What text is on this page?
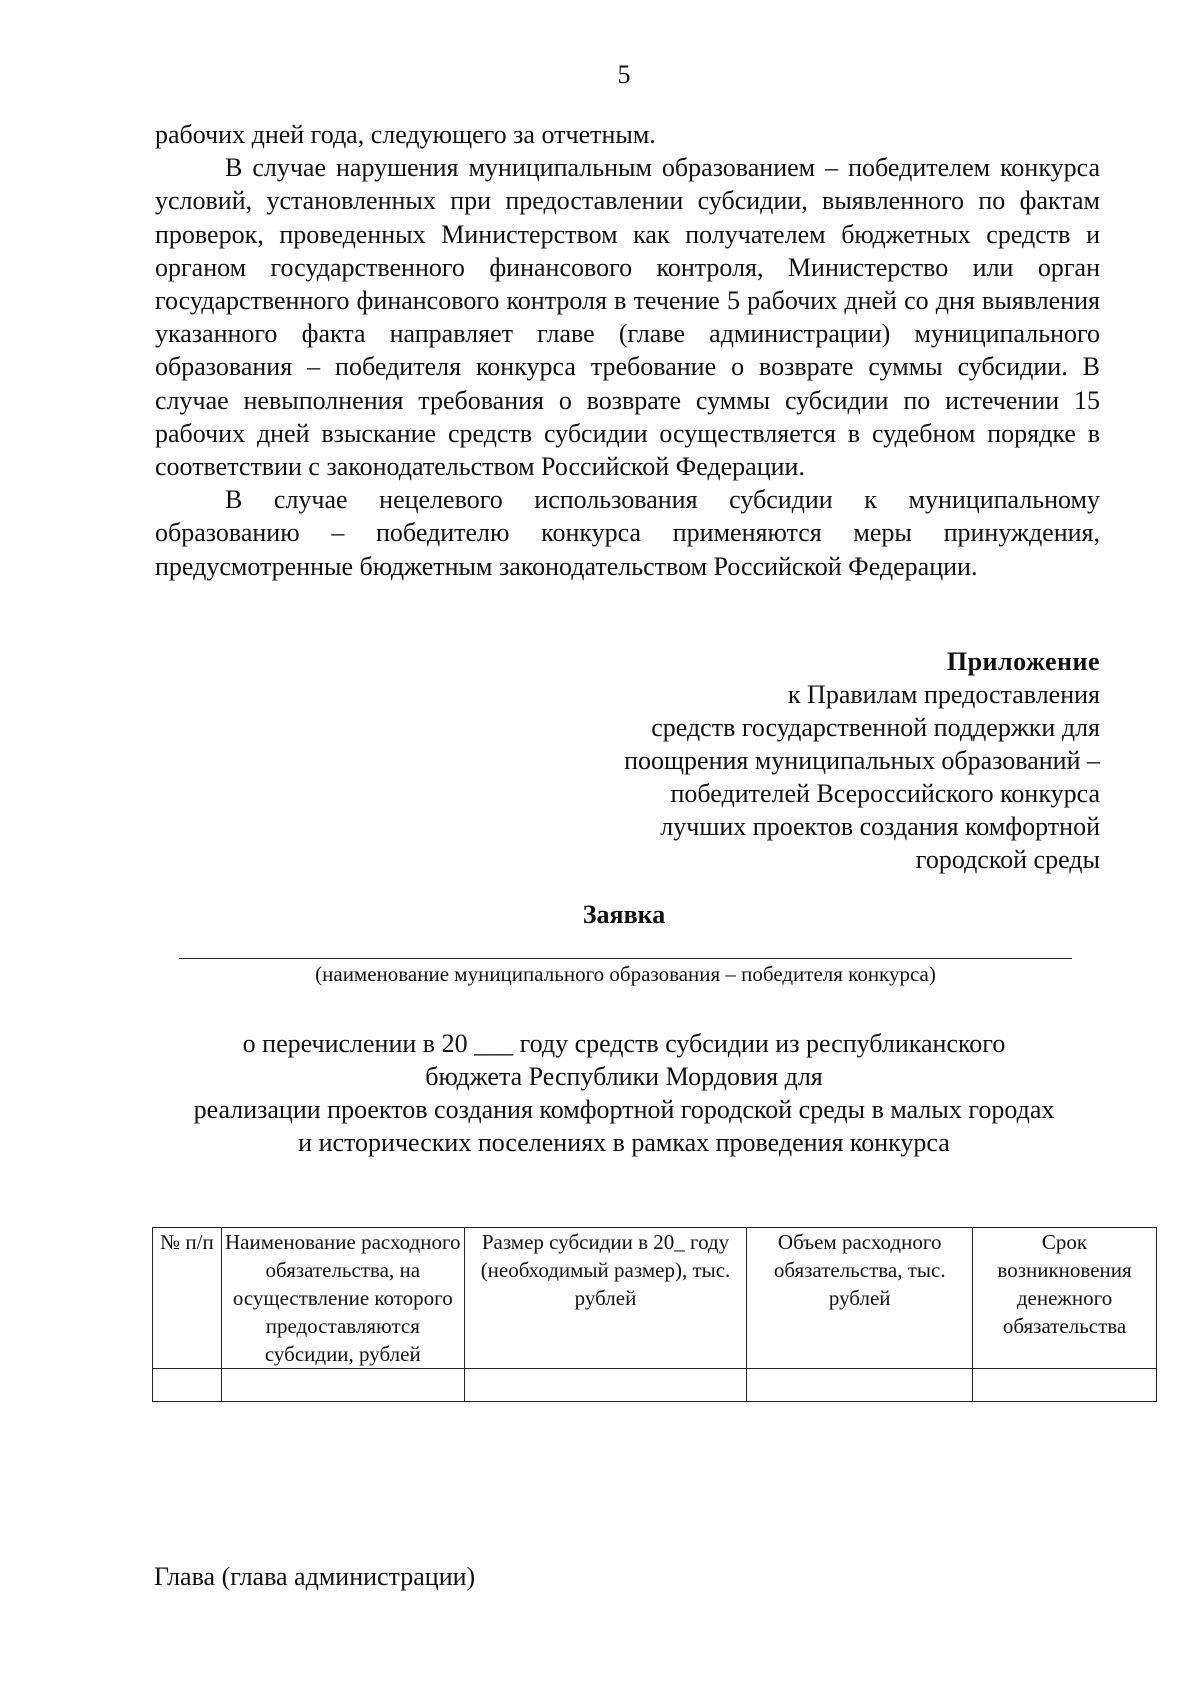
5

рабочих дней года, следующего за отчетным.

В случае нарушения муниципальным образованием – победителем конкурса условий, установленных при предоставлении субсидии, выявленного по фактам проверок, проведенных Министерством как получателем бюджетных средств и органом государственного финансового контроля, Министерство или орган государственного финансового контроля в течение 5 рабочих дней со дня выявления указанного факта направляет главе (главе администрации) муниципального образования – победителя конкурса требование о возврате суммы субсидии. В случае невыполнения требования о возврате суммы субсидии по истечении 15 рабочих дней взыскание средств субсидии осуществляется в судебном порядке в соответствии с законодательством Российской Федерации.

В случае нецелевого использования субсидии к муниципальному образованию – победителю конкурса применяются меры принуждения, предусмотренные бюджетным законодательством Российской Федерации.

Приложение
к Правилам предоставления
средств государственной поддержки для
поощрения муниципальных образований –
победителей Всероссийского конкурса
лучших проектов создания комфортной
городской среды
Заявка
(наименование муниципального образования – победителя конкурса)
о перечислении в 20 ___ году средств субсидии из республиканского
бюджета Республики Мордовия для
реализации проектов создания комфортной городской среды в малых городах
и исторических поселениях в рамках проведения конкурса
№ п/п	Наименование расходного обязательства, на осуществление которого предоставляются субсидии, рублей	Размер субсидии в 20_ году (необходимый размер), тыс. рублей	Объем расходного обязательства, тыс. рублей	Срок возникновения денежного обязательства

Глава (глава администрации)
